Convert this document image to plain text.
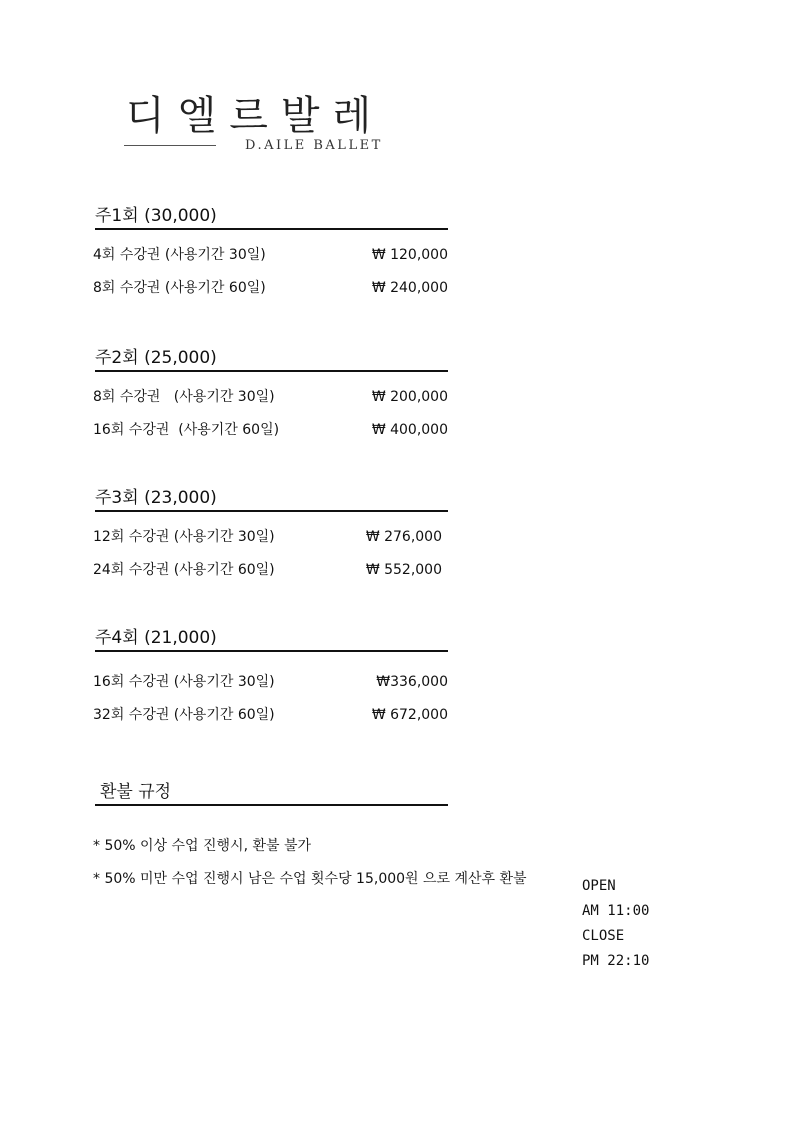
디엘르발레
D.AILE BALLET
주1회 (30,000)
4회 수강권 (사용기간 30일)	₩ 120,000
8회 수강권 (사용기간 60일)	₩ 240,000
주2회 (25,000)
8회 수강권   (사용기간 30일)	₩ 200,000
16회 수강권  (사용기간 60일)	₩ 400,000
주3회 (23,000)
12회 수강권 (사용기간 30일)	₩ 276,000
24회 수강권 (사용기간 60일)	₩ 552,000
주4회 (21,000)
16회 수강권 (사용기간 30일)	₩336,000
32회 수강권 (사용기간 60일)	₩ 672,000
환불 규정
* 50% 이상 수업 진행시, 환불 불가
* 50% 미만 수업 진행시 남은 수업 횟수당 15,000원 으로 계산후 환불	OPEN
AM 11:00
CLOSE
PM 22:10
